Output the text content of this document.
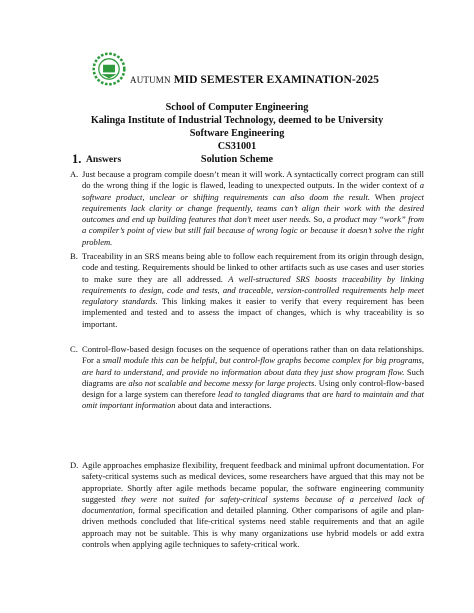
AUTUMN MID SEMESTER EXAMINATION-2025
School of Computer Engineering
Kalinga Institute of Industrial Technology, deemed to be University
Software Engineering
CS31001
Solution Scheme
1. Answers
A. Just because a program compile doesn’t mean it will work. A syntactically correct program can still do the wrong thing if the logic is flawed, leading to unexpected outputs. In the wider context of a software product, unclear or shifting requirements can also doom the result. When project requirements lack clarity or change frequently, teams can’t align their work with the desired outcomes and end up building features that don’t meet user needs. So, a product may “work” from a compiler’s point of view but still fail because of wrong logic or because it doesn’t solve the right problem.
B. Traceability in an SRS means being able to follow each requirement from its origin through design, code and testing. Requirements should be linked to other artifacts such as use cases and user stories to make sure they are all addressed. A well-structured SRS boosts traceability by linking requirements to design, code and tests, and traceable, version-controlled requirements help meet regulatory standards. This linking makes it easier to verify that every requirement has been implemented and tested and to assess the impact of changes, which is why traceability is so important.
C. Control-flow-based design focuses on the sequence of operations rather than on data relationships. For a small module this can be helpful, but control-flow graphs become complex for big programs, are hard to understand, and provide no information about data they just show program flow. Such diagrams are also not scalable and become messy for large projects. Using only control-flow-based design for a large system can therefore lead to tangled diagrams that are hard to maintain and that omit important information about data and interactions.
D. Agile approaches emphasize flexibility, frequent feedback and minimal upfront documentation. For safety-critical systems such as medical devices, some researchers have argued that this may not be appropriate. Shortly after agile methods became popular, the software engineering community suggested they were not suited for safety-critical systems because of a perceived lack of documentation, formal specification and detailed planning. Other comparisons of agile and plan-driven methods concluded that life-critical systems need stable requirements and that an agile approach may not be suitable. This is why many organizations use hybrid models or add extra controls when applying agile techniques to safety-critical work.
